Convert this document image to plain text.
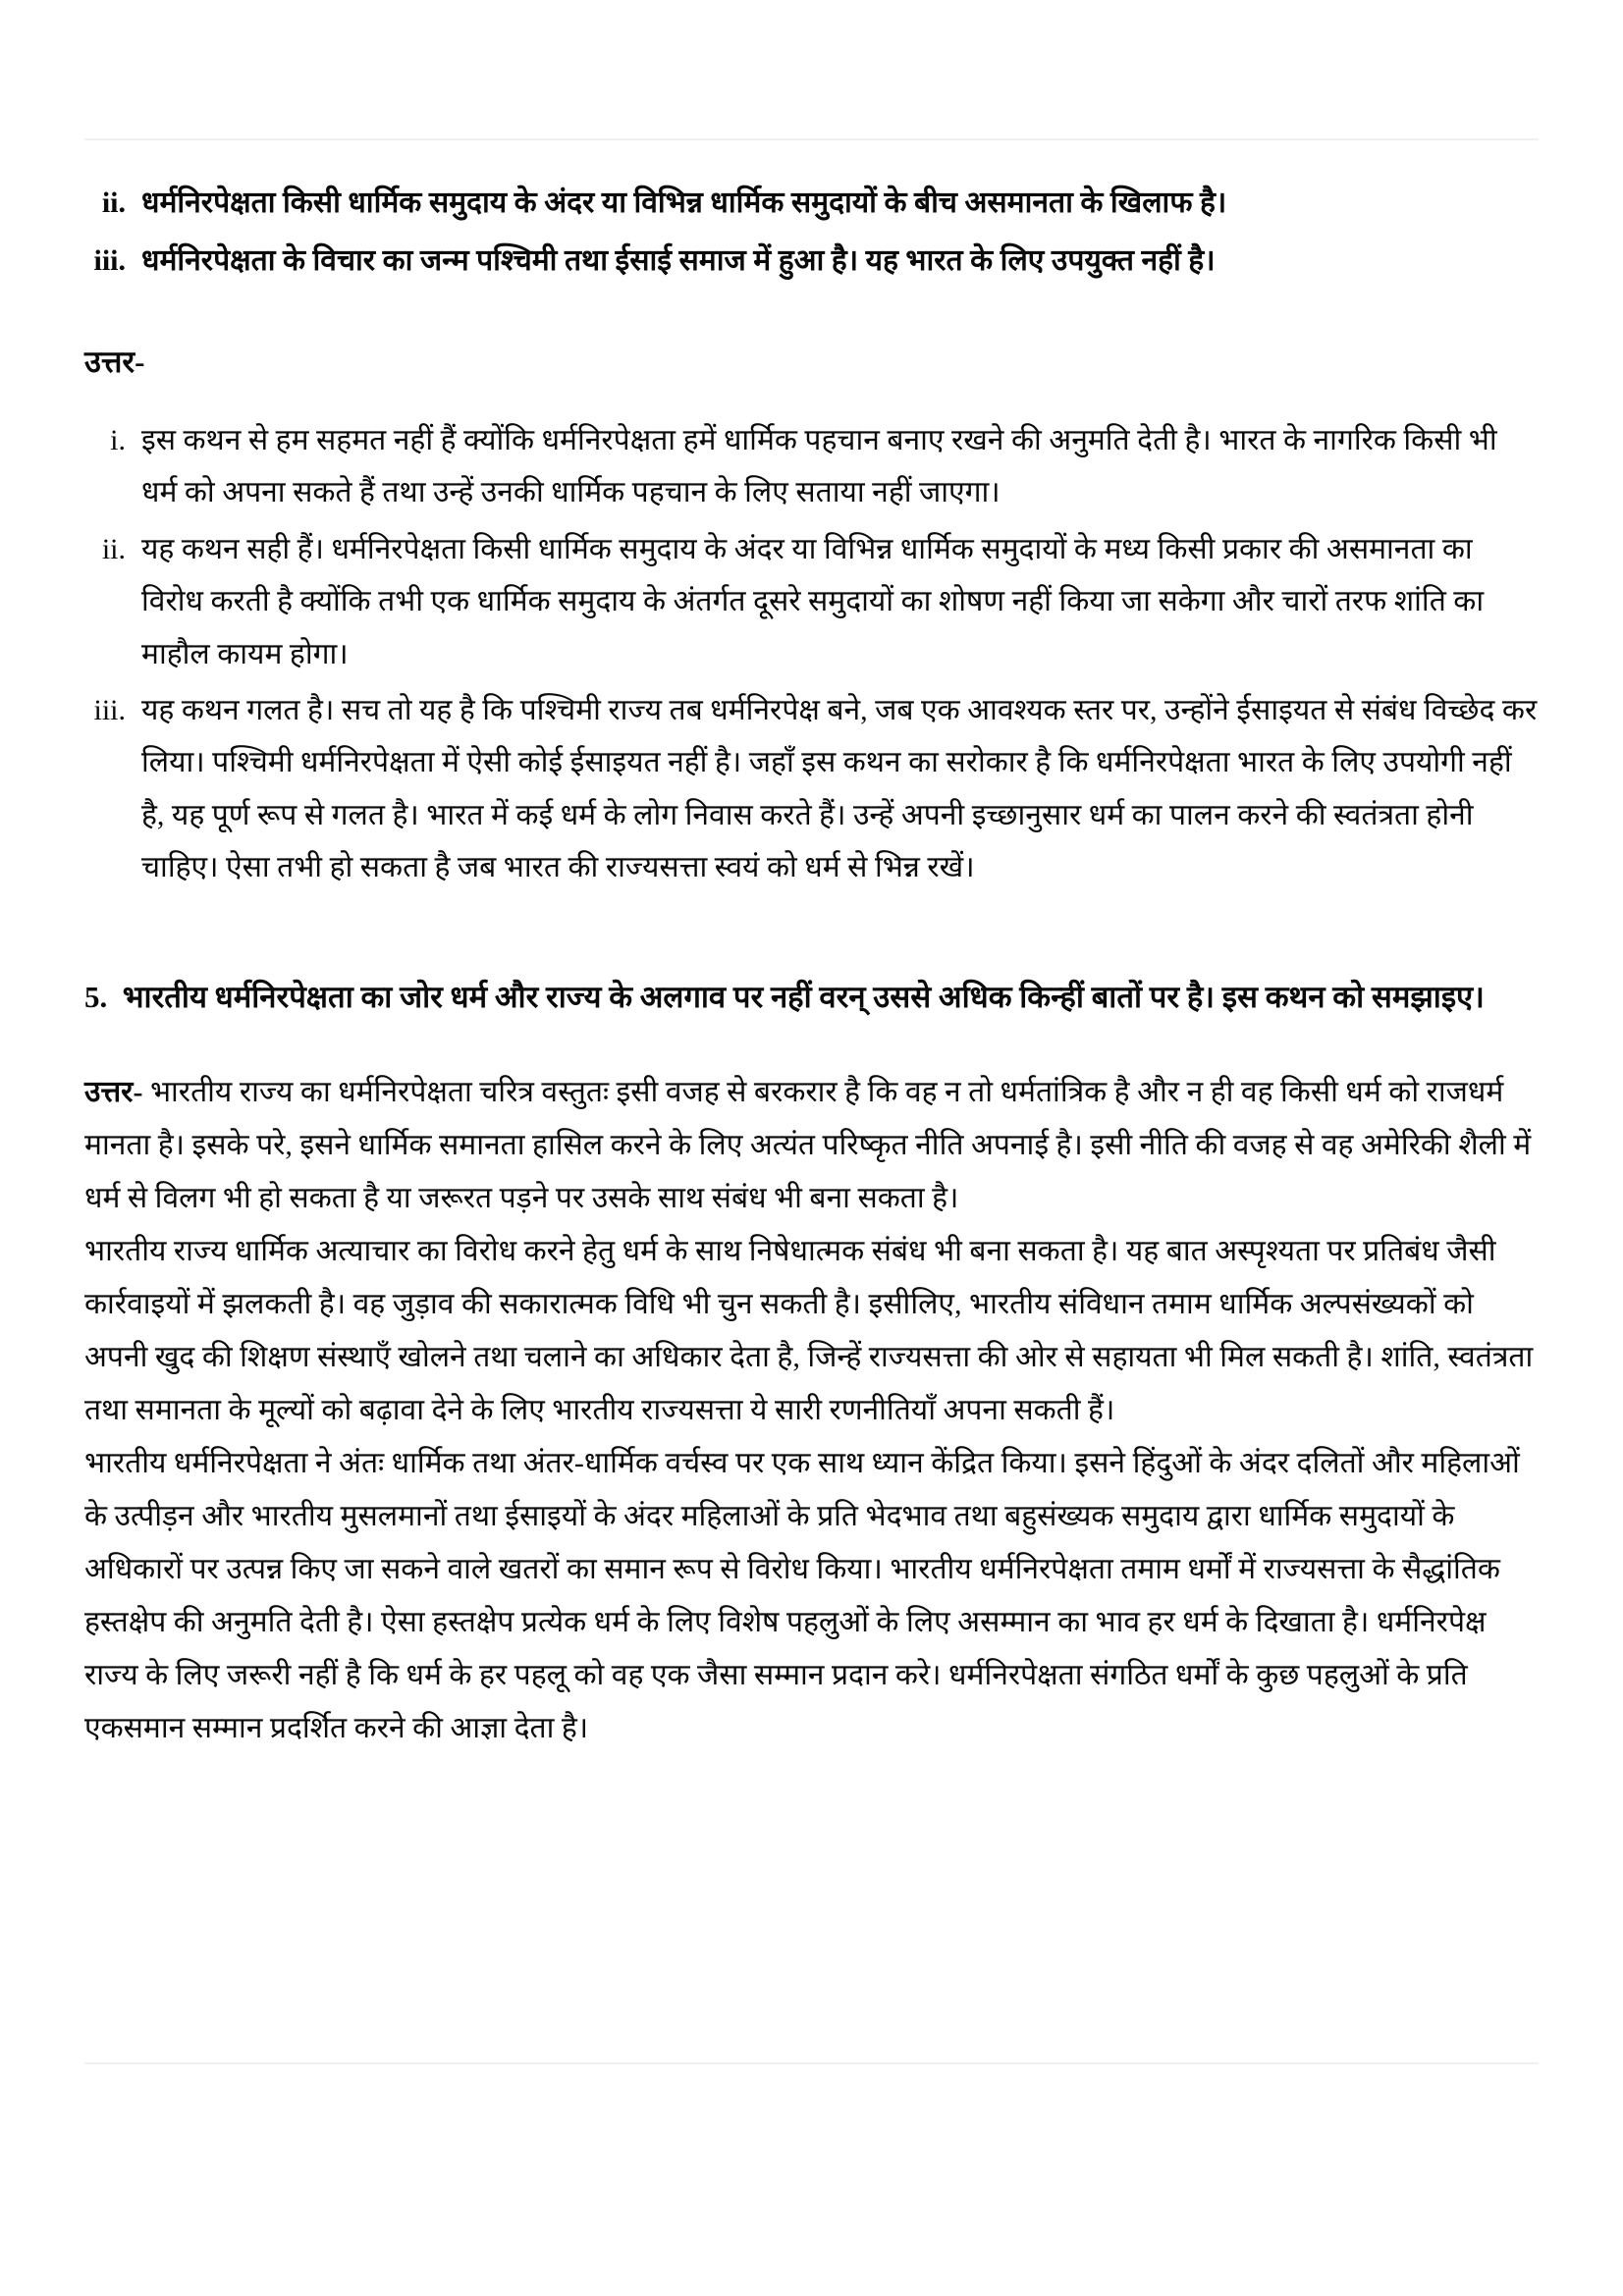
ii. धर्मनिरपेक्षता किसी धार्मिक समुदाय के अंदर या विभिन्न धार्मिक समुदायों के बीच असमानता के खिलाफ है।
iii. धर्मनिरपेक्षता के विचार का जन्म पश्चिमी तथा ईसाई समाज में हुआ है। यह भारत के लिए उपयुक्त नहीं है।

उत्तर-

i. इस कथन से हम सहमत नहीं हैं क्योंकि धर्मनिरपेक्षता हमें धार्मिक पहचान बनाए रखने की अनुमति देती है। भारत के नागरिक किसी भी धर्म को अपना सकते हैं तथा उन्हें उनकी धार्मिक पहचान के लिए सताया नहीं जाएगा।
ii. यह कथन सही हैं। धर्मनिरपेक्षता किसी धार्मिक समुदाय के अंदर या विभिन्न धार्मिक समुदायों के मध्य किसी प्रकार की असमानता का विरोध करती है क्योंकि तभी एक धार्मिक समुदाय के अंतर्गत दूसरे समुदायों का शोषण नहीं किया जा सकेगा और चारों तरफ शांति का माहौल कायम होगा।
iii. यह कथन गलत है। सच तो यह है कि पश्चिमी राज्य तब धर्मनिरपेक्ष बने, जब एक आवश्यक स्तर पर, उन्होंने ईसाइयत से संबंध विच्छेद कर लिया। पश्चिमी धर्मनिरपेक्षता में ऐसी कोई ईसाइयत नहीं है। जहाँ इस कथन का सरोकार है कि धर्मनिरपेक्षता भारत के लिए उपयोगी नहीं है, यह पूर्ण रूप से गलत है। भारत में कई धर्म के लोग निवास करते हैं। उन्हें अपनी इच्छानुसार धर्म का पालन करने की स्वतंत्रता होनी चाहिए। ऐसा तभी हो सकता है जब भारत की राज्यसत्ता स्वयं को धर्म से भिन्न रखें।

5. भारतीय धर्मनिरपेक्षता का जोर धर्म और राज्य के अलगाव पर नहीं वरन् उससे अधिक किन्हीं बातों पर है। इस कथन को समझाइए।

उत्तर- भारतीय राज्य का धर्मनिरपेक्षता चरित्र वस्तुतः इसी वजह से बरकरार है कि वह न तो धर्मतांत्रिक है और न ही वह किसी धर्म को राजधर्म मानता है। इसके परे, इसने धार्मिक समानता हासिल करने के लिए अत्यंत परिष्कृत नीति अपनाई है। इसी नीति की वजह से वह अमेरिकी शैली में धर्म से विलग भी हो सकता है या जरूरत पड़ने पर उसके साथ संबंध भी बना सकता है।

भारतीय राज्य धार्मिक अत्याचार का विरोध करने हेतु धर्म के साथ निषेधात्मक संबंध भी बना सकता है। यह बात अस्पृश्यता पर प्रतिबंध जैसी कार्रवाइयों में झलकती है। वह जुड़ाव की सकारात्मक विधि भी चुन सकती है। इसीलिए, भारतीय संविधान तमाम धार्मिक अल्पसंख्यकों को अपनी खुद की शिक्षण संस्थाएँ खोलने तथा चलाने का अधिकार देता है, जिन्हें राज्यसत्ता की ओर से सहायता भी मिल सकती है। शांति, स्वतंत्रता तथा समानता के मूल्यों को बढ़ावा देने के लिए भारतीय राज्यसत्ता ये सारी रणनीतियाँ अपना सकती हैं।

भारतीय धर्मनिरपेक्षता ने अंतः धार्मिक तथा अंतर-धार्मिक वर्चस्व पर एक साथ ध्यान केंद्रित किया। इसने हिंदुओं के अंदर दलितों और महिलाओं के उत्पीड़न और भारतीय मुसलमानों तथा ईसाइयों के अंदर महिलाओं के प्रति भेदभाव तथा बहुसंख्यक समुदाय द्वारा धार्मिक समुदायों के अधिकारों पर उत्पन्न किए जा सकने वाले खतरों का समान रूप से विरोध किया। भारतीय धर्मनिरपेक्षता तमाम धर्मों में राज्यसत्ता के सैद्धांतिक हस्तक्षेप की अनुमति देती है। ऐसा हस्तक्षेप प्रत्येक धर्म के लिए विशेष पहलुओं के लिए असम्मान का भाव हर धर्म के दिखाता है। धर्मनिरपेक्ष राज्य के लिए जरूरी नहीं है कि धर्म के हर पहलू को वह एक जैसा सम्मान प्रदान करे। धर्मनिरपेक्षता संगठित धर्मों के कुछ पहलुओं के प्रति एकसमान सम्मान प्रदर्शित करने की आज्ञा देता है।
